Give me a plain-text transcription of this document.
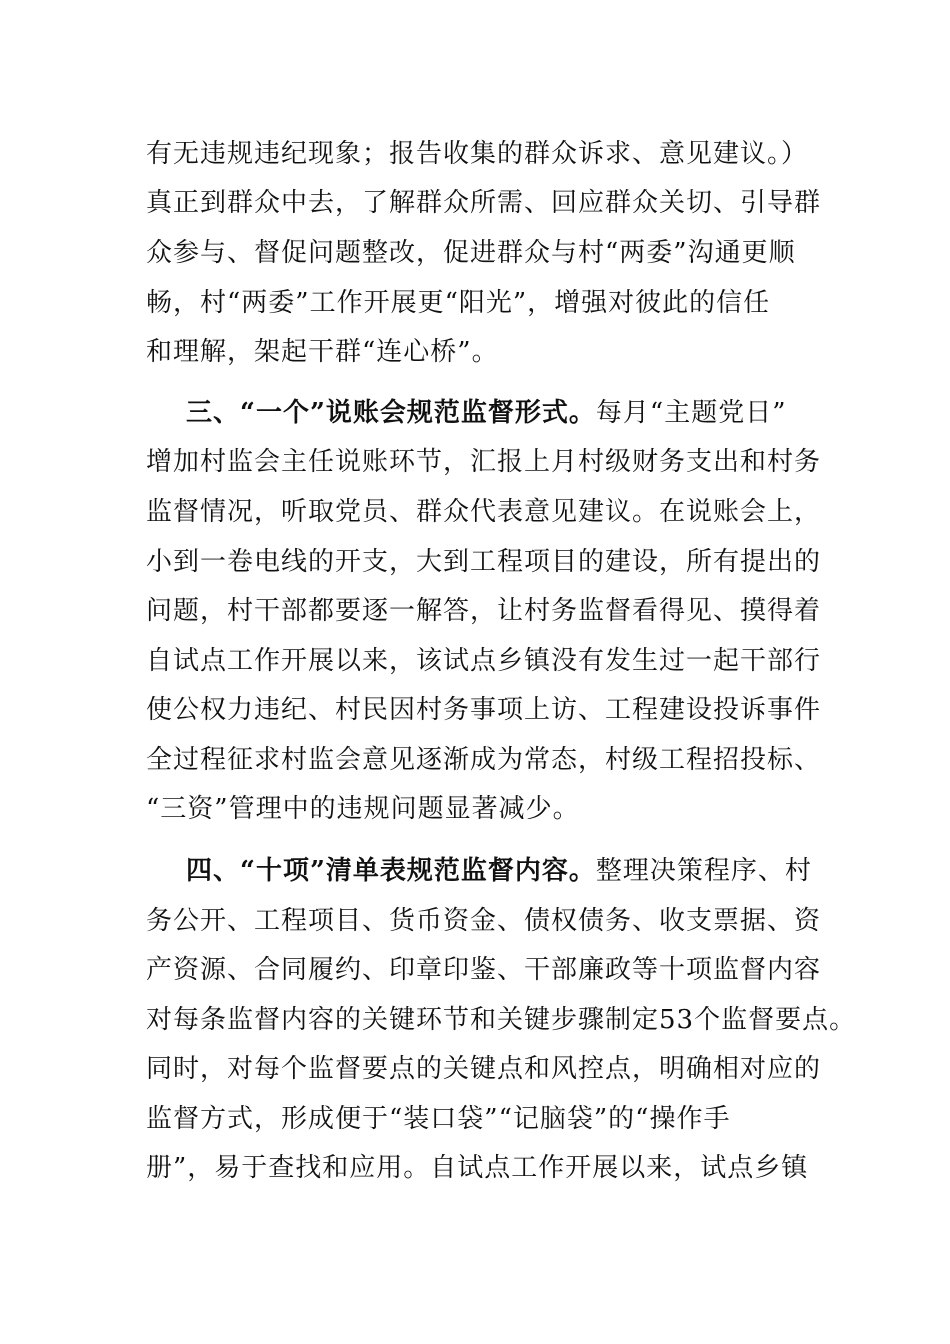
有无违规违纪现象；报告收集的群众诉求、意见建议。）
真正到群众中去，了解群众所需、回应群众关切、引导群
众参与、督促问题整改，促进群众与村“两委”沟通更顺
畅，村“两委”工作开展更“阳光”，增强对彼此的信任
和理解，架起干群“连心桥”。
三、“一个”说账会规范监督形式。每月“主题党日”
增加村监会主任说账环节，汇报上月村级财务支出和村务
监督情况，听取党员、群众代表意见建议。在说账会上，
小到一卷电线的开支，大到工程项目的建设，所有提出的
问题，村干部都要逐一解答，让村务监督看得见、摸得着
自试点工作开展以来，该试点乡镇没有发生过一起干部行
使公权力违纪、村民因村务事项上访、工程建设投诉事件
全过程征求村监会意见逐渐成为常态，村级工程招投标、
“三资”管理中的违规问题显著减少。
四、“十项”清单表规范监督内容。整理决策程序、村
务公开、工程项目、货币资金、债权债务、收支票据、资
产资源、合同履约、印章印鉴、干部廉政等十项监督内容
对每条监督内容的关键环节和关键步骤制定53个监督要点。
同时，对每个监督要点的关键点和风控点，明确相对应的
监督方式，形成便于“装口袋”“记脑袋”的“操作手
册”，易于查找和应用。自试点工作开展以来，试点乡镇
